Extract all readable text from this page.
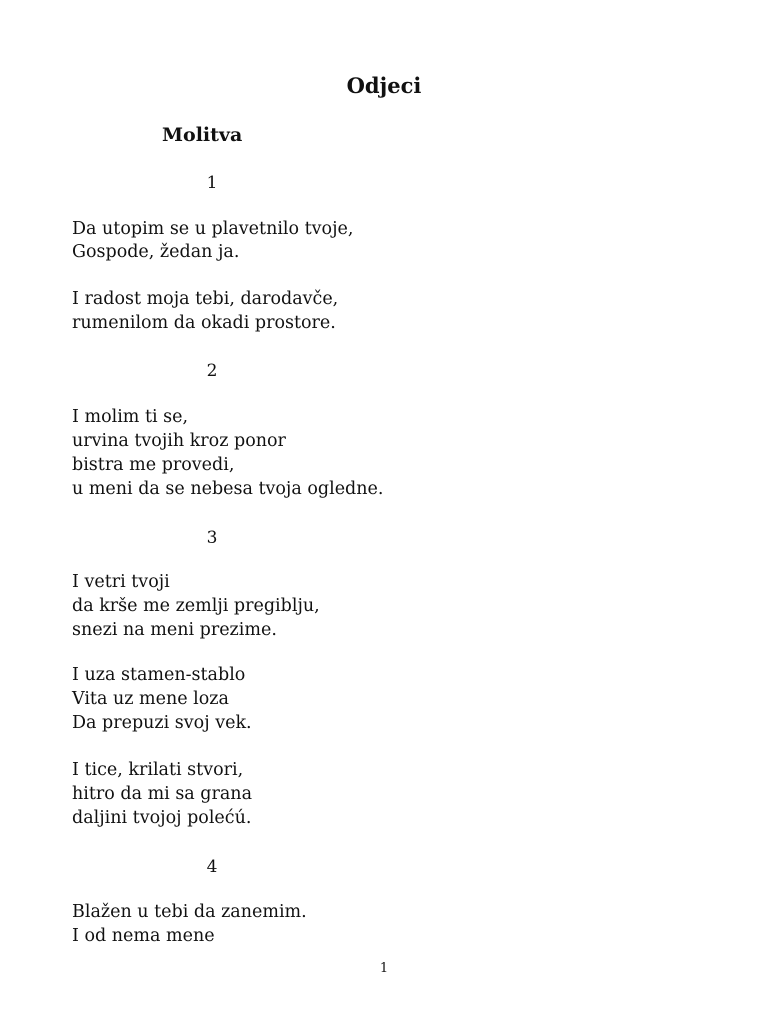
Odjeci
Molitva
1
Da utopim se u plavetnilo tvoje,
Gospode, žedan ja.
I radost moja tebi, darodavče,
rumenilom da okadi prostore.
2
I molim ti se,
urvina tvojih kroz ponor
bistra me provedi,
u meni da se nebesa tvoja ogledne.
3
I vetri tvoji
da krše me zemlji pregiblju,
snezi na meni prezime.
I uza stamen-stablo
Vita uz mene loza
Da prepuzi svoj vek.
I tice, krilati stvori,
hitro da mi sa grana
daljini tvojoj polećú.
4
Blažen u tebi da zanemim.
I od nema mene
1
